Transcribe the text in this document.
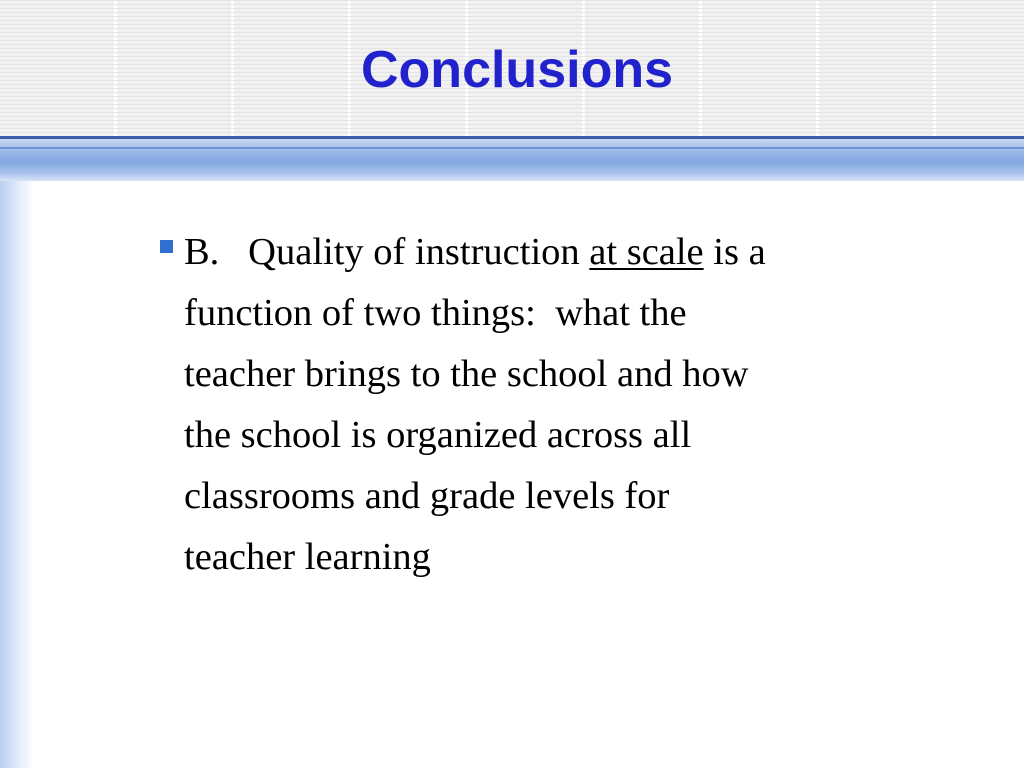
Conclusions

B.   Quality of instruction at scale is a
function of two things:  what the
teacher brings to the school and how
the school is organized across all
classrooms and grade levels for
teacher learning
